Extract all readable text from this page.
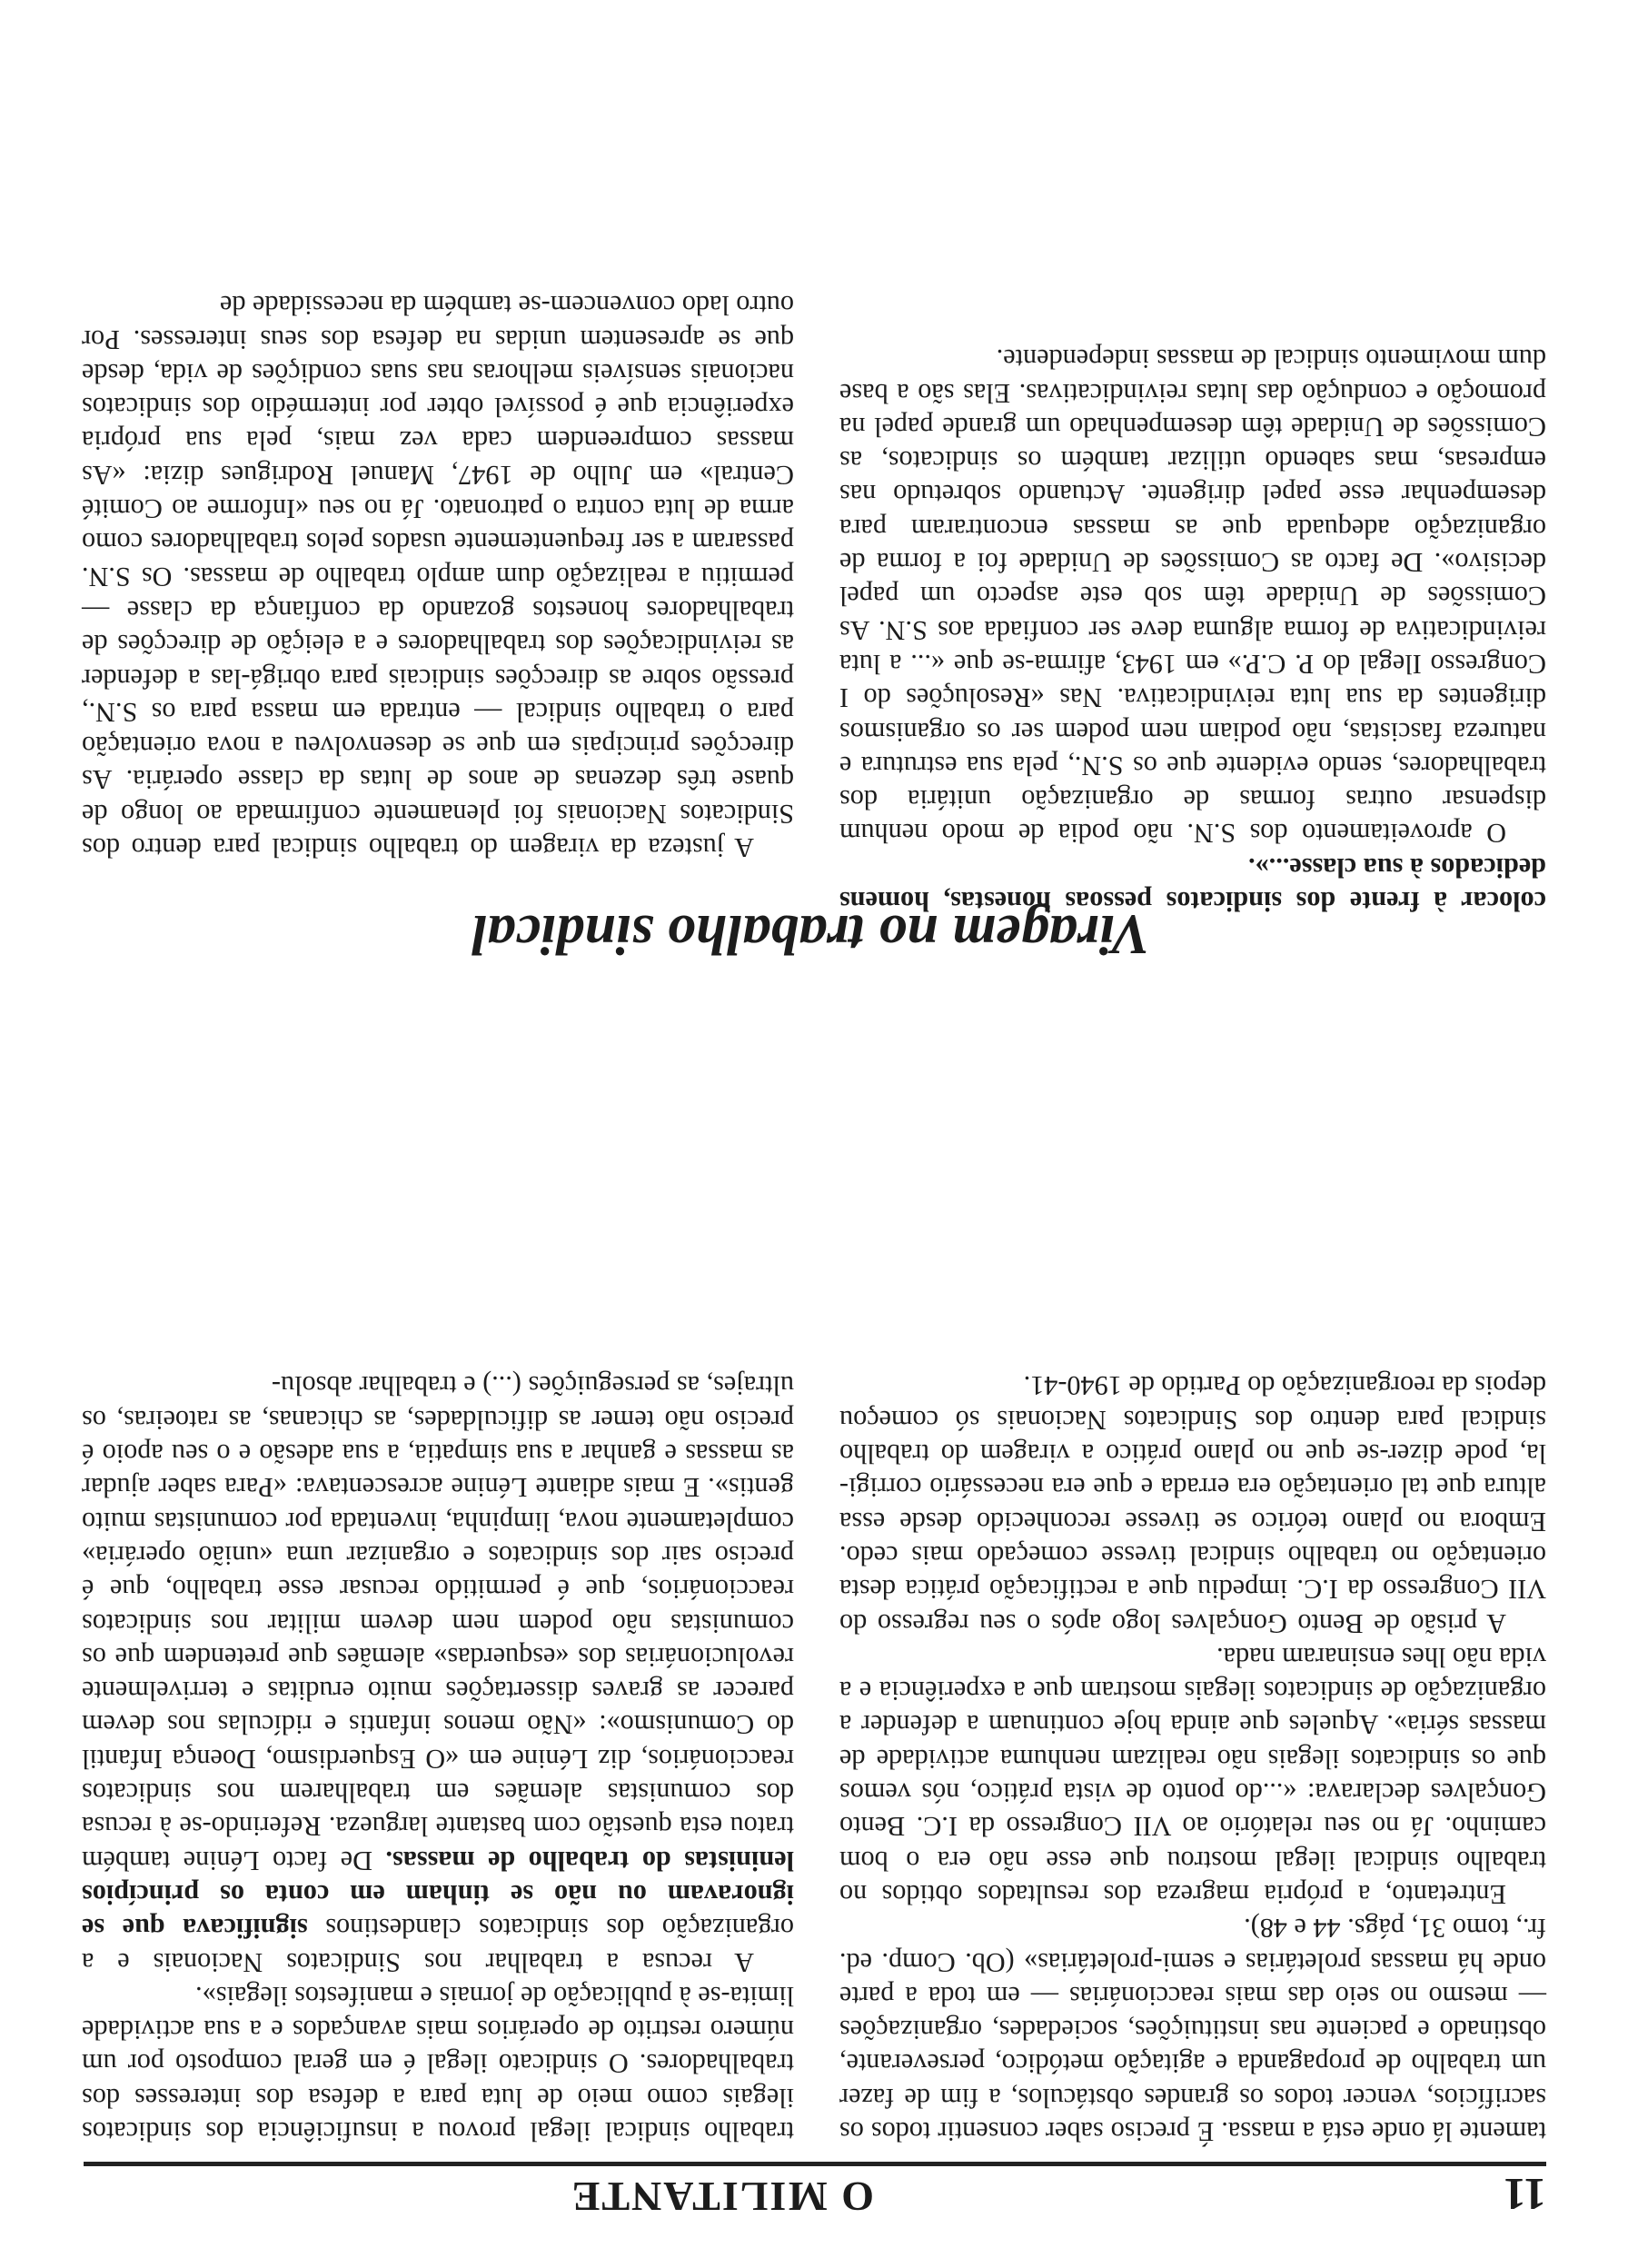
11
O MILITANTE

tamente lá onde está a massa. É preciso saber consentir todos os sacrifícios, vencer todos os grandes obstáculos, a fim de fazer um trabalho de propaganda e agitação metódico, perseverante, obstinado e paciente nas instituições, sociedades, organizações — mesmo no seio das mais reaccionárias — em toda a parte onde há massas proletárias e semi-proletárias» (Ob. Comp. ed. fr., tomo 31, págs. 44 e 48).

Entretanto, a própria magreza dos resultados obtidos no trabalho sindical ilegal mostrou que esse não era o bom caminho. Já no seu relatório ao VII Congresso da I.C. Bento Gonçalves declarava: «...do ponto de vista prático, nós vemos que os sindicatos ilegais não realizam nenhuma actividade de massas séria». Aqueles que ainda hoje continuam a defender a organização de sindicatos ilegais mostram que a experiência e a vida não lhes ensinaram nada.

A prisão de Bento Gonçalves logo após o seu regresso do VII Congresso da I.C. impediu que a rectificação prática desta orientação no trabalho sindical tivesse começado mais cedo. Embora no plano teórico se tivesse reconhecido desde essa altura que tal orientação era errada e que era necessário corrigi-la, pode dizer-se que no plano prático a viragem do trabalho sindical para dentro dos Sindicatos Nacionais só começou depois da reorganização do Partido de 1940-41.

trabalho sindical ilegal provou a insuficiência dos sindicatos ilegais como meio de luta para a defesa dos interesses dos trabalhadores. O sindicato ilegal é em geral composto por um número restrito de operários mais avançados e a sua actividade limita-se à publicação de jornais e manifestos ilegais».

A recusa a trabalhar nos Sindicatos Nacionais e a organização dos sindicatos clandestinos significava que se ignoravam ou não se tinham em conta os princípios leninistas do trabalho de massas. De facto Lénine também tratou esta questão com bastante largueza. Referindo-se à recusa dos comunistas alemães em trabalharem nos sindicatos reaccionários, diz Lénine em «O Esquerdismo, Doença Infantil do Comunismo»: «Não menos infantis e ridículas nos devem parecer as graves dissertações muito eruditas e terrivelmente revolucionárias dos «esquerdas» alemães que pretendem que os comunistas não podem nem devem militar nos sindicatos reaccionários, que é permitido recusar esse trabalho, que é preciso sair dos sindicatos e organizar uma «união operária» completamente nova, limpinha, inventada por comunistas muito gentis». E mais adiante Lénine acrescentava: «Para saber ajudar as massas e ganhar a sua simpatia, a sua adesão e o seu apoio é preciso não temer as dificuldades, as chicanas, as ratoeiras, os ultrajes, as perseguições (...) e trabalhar absolu-

Viragem no trabalho sindical

colocar à frente dos sindicatos pessoas honestas, homens dedicados à sua classe...».

O aproveitamento dos S.N. não podia de modo nenhum dispensar outras formas de organização unitária dos trabalhadores, sendo evidente que os S.N., pela sua estrutura e natureza fascistas, não podiam nem podem ser os organismos dirigentes da sua luta reivindicativa. Nas «Resoluções do I Congresso Ilegal do P. C.P.» em 1943, afirma-se que «... a luta reivindicativa de forma alguma deve ser confiada aos S.N. As Comissões de Unidade têm sob este aspecto um papel decisivo». De facto as Comissões de Unidade foi a forma de organização adequada que as massas encontraram para desempenhar esse papel dirigente. Actuando sobretudo nas empresas, mas sabendo utilizar também os sindicatos, as Comissões de Unidade têm desempenhado um grande papel na promoção e condução das lutas reivindicativas. Elas são a base dum movimento sindical de massas independente.

A justeza da viragem do trabalho sindical para dentro dos Sindicatos Nacionais foi plenamente confirmada ao longo de quase três dezenas de anos de lutas da classe operária. As direcções principais em que se desenvolveu a nova orientação para o trabalho sindical — entrada em massa para os S.N., pressão sobre as direcções sindicais para obrigá-las a defender as reivindicações dos trabalhadores e a eleição de direcções de trabalhadores honestos gozando da confiança da classe — permitiu a realização dum amplo trabalho de massas. Os S.N. passaram a ser frequentemente usados pelos trabalhadores como arma de luta contra o patronato. Já no seu «Informe ao Comité Central» em Julho de 1947, Manuel Rodrigues dizia: «As massas compreendem cada vez mais, pela sua própria experiência que é possível obter por intermédio dos sindicatos nacionais sensíveis melhoras nas suas condições de vida, desde que se apresentem unidas na defesa dos seus interesses. Por outro lado convencem-se também da necessidade de
